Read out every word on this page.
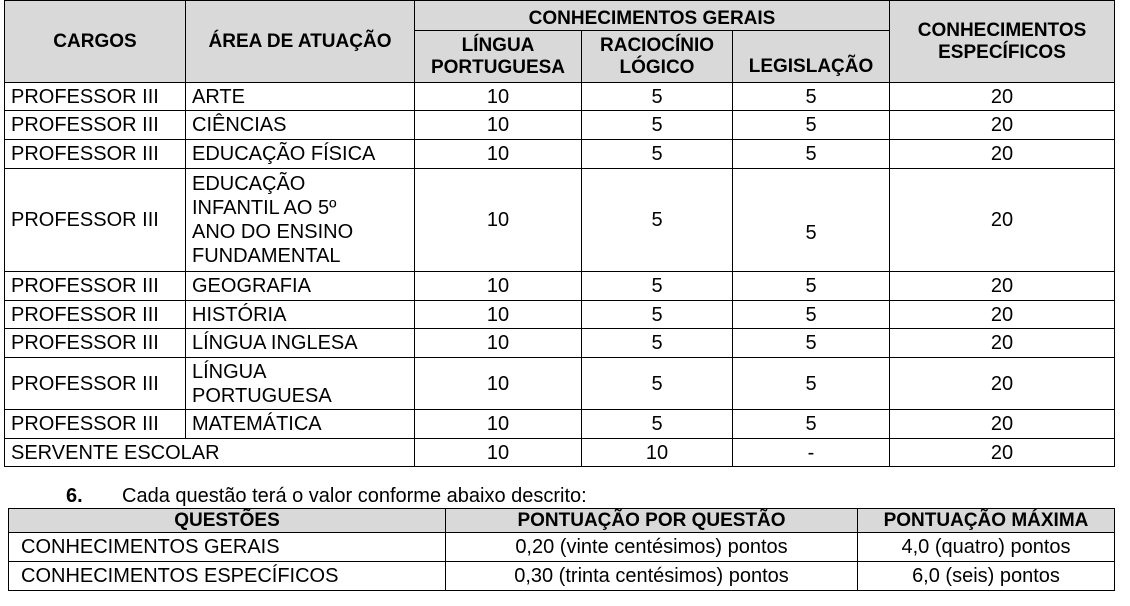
CARGOS	ÁREA DE ATUAÇÃO	CONHECIMENTOS GERAIS			CONHECIMENTOS ESPECÍFICOS
		LÍNGUA PORTUGUESA	RACIOCÍNIO LÓGICO	LEGISLAÇÃO	
PROFESSOR III	ARTE	10	5	5	20
PROFESSOR III	CIÊNCIAS	10	5	5	20
PROFESSOR III	EDUCAÇÃO FÍSICA	10	5	5	20
PROFESSOR III	EDUCAÇÃO INFANTIL AO 5º ANO DO ENSINO FUNDAMENTAL	10	5	5	20
PROFESSOR III	GEOGRAFIA	10	5	5	20
PROFESSOR III	HISTÓRIA	10	5	5	20
PROFESSOR III	LÍNGUA INGLESA	10	5	5	20
PROFESSOR III	LÍNGUA PORTUGUESA	10	5	5	20
PROFESSOR III	MATEMÁTICA	10	5	5	20
SERVENTE ESCOLAR		10	10	-	20
6. Cada questão terá o valor conforme abaixo descrito:
QUESTÕES	PONTUAÇÃO POR QUESTÃO	PONTUAÇÃO MÁXIMA
CONHECIMENTOS GERAIS	0,20 (vinte centésimos) pontos	4,0 (quatro) pontos
CONHECIMENTOS ESPECÍFICOS	0,30 (trinta centésimos) pontos	6,0 (seis) pontos
